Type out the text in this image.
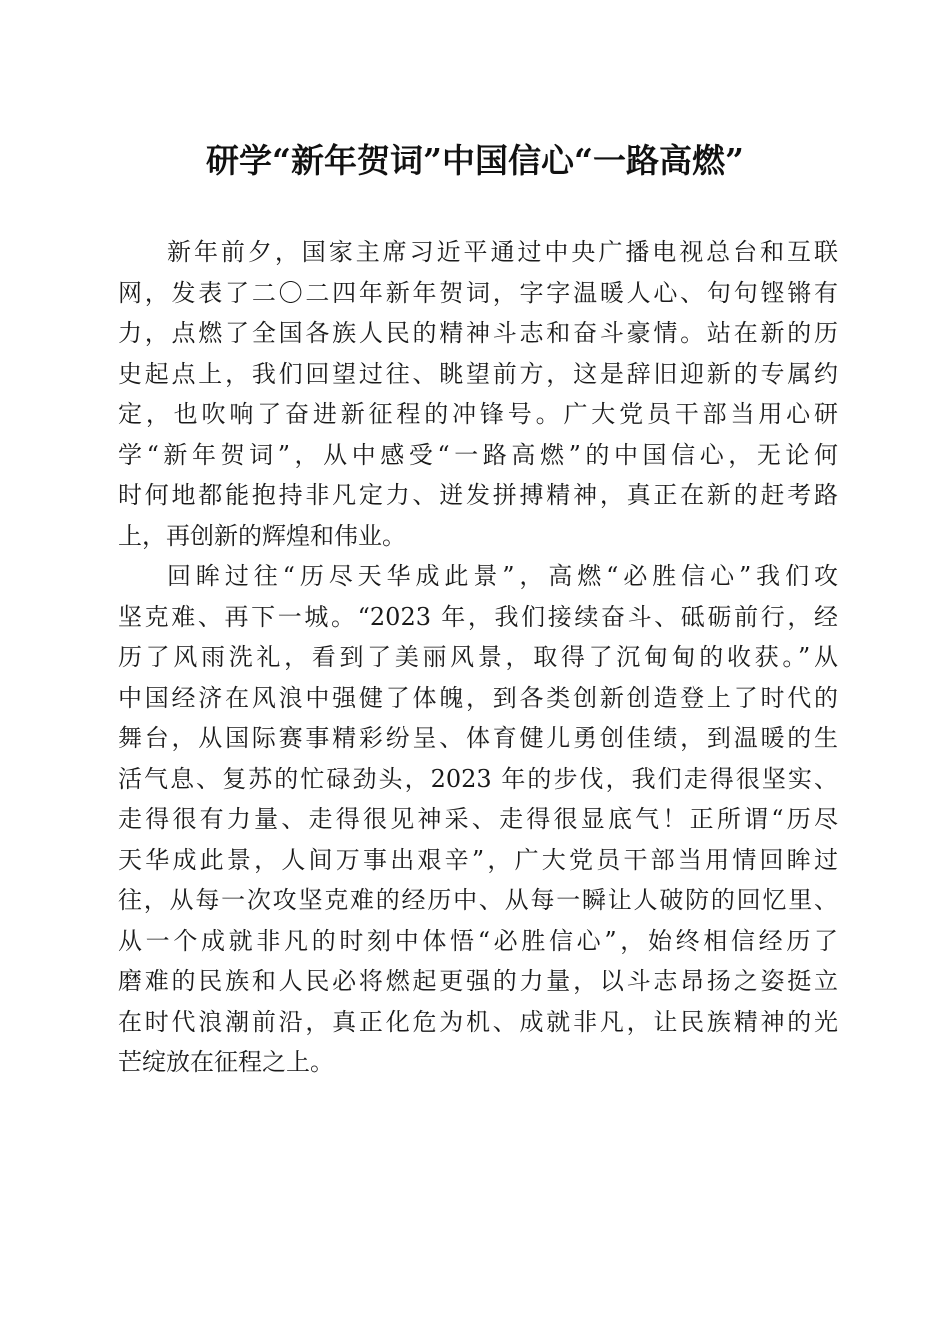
研学“新年贺词”中国信心“一路高燃”
新年前夕，国家主席习近平通过中央广播电视总台和互联
网，发表了二〇二四年新年贺词，字字温暖人心、句句铿锵有
力，点燃了全国各族人民的精神斗志和奋斗豪情。站在新的历
史起点上，我们回望过往、眺望前方，这是辞旧迎新的专属约
定，也吹响了奋进新征程的冲锋号。广大党员干部当用心研
学“新年贺词”，从中感受“一路高燃”的中国信心，无论何
时何地都能抱持非凡定力、迸发拼搏精神，真正在新的赶考路
上，再创新的辉煌和伟业。
回眸过往“历尽天华成此景”，高燃“必胜信心”我们攻
坚克难、再下一城。“2023 年，我们接续奋斗、砥砺前行，经
历了风雨洗礼，看到了美丽风景，取得了沉甸甸的收获。”从
中国经济在风浪中强健了体魄，到各类创新创造登上了时代的
舞台，从国际赛事精彩纷呈、体育健儿勇创佳绩，到温暖的生
活气息、复苏的忙碌劲头，2023 年的步伐，我们走得很坚实、
走得很有力量、走得很见神采、走得很显底气！正所谓“历尽
天华成此景，人间万事出艰辛”，广大党员干部当用情回眸过
往，从每一次攻坚克难的经历中、从每一瞬让人破防的回忆里、
从一个成就非凡的时刻中体悟“必胜信心”，始终相信经历了
磨难的民族和人民必将燃起更强的力量，以斗志昂扬之姿挺立
在时代浪潮前沿，真正化危为机、成就非凡，让民族精神的光
芒绽放在征程之上。
